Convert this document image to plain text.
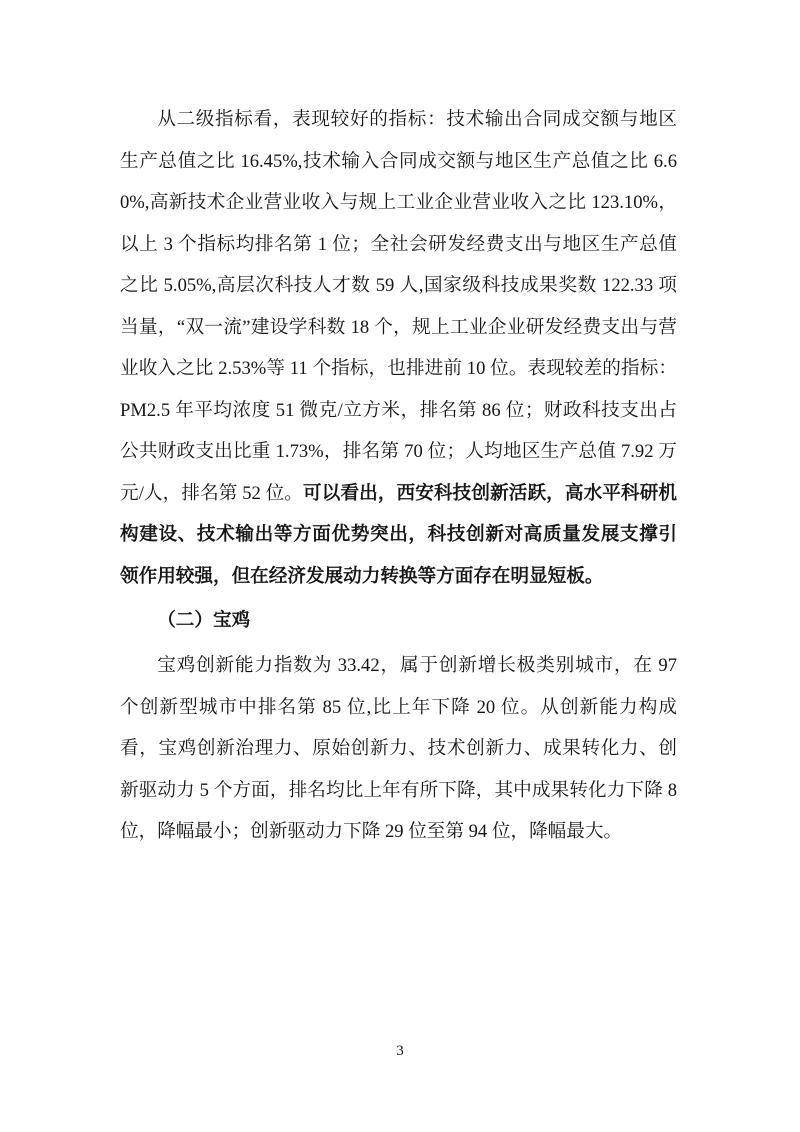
从二级指标看，表现较好的指标：技术输出合同成交额与地区生产总值之比 16.45%,技术输入合同成交额与地区生产总值之比 6.60%,高新技术企业营业收入与规上工业企业营业收入之比 123.10%，以上 3 个指标均排名第 1 位；全社会研发经费支出与地区生产总值之比 5.05%,高层次科技人才数 59 人,国家级科技成果奖数 122.33 项当量，“双一流”建设学科数 18 个，规上工业企业研发经费支出与营业收入之比 2.53%等 11 个指标，也排进前 10 位。表现较差的指标：PM2.5 年平均浓度 51 微克/立方米，排名第 86 位；财政科技支出占公共财政支出比重 1.73%，排名第 70 位；人均地区生产总值 7.92 万元/人，排名第 52 位。可以看出，西安科技创新活跃，高水平科研机构建设、技术输出等方面优势突出，科技创新对高质量发展支撑引领作用较强，但在经济发展动力转换等方面存在明显短板。

（二）宝鸡

宝鸡创新能力指数为 33.42，属于创新增长极类别城市，在 97 个创新型城市中排名第 85 位,比上年下降 20 位。从创新能力构成看，宝鸡创新治理力、原始创新力、技术创新力、成果转化力、创新驱动力 5 个方面，排名均比上年有所下降，其中成果转化力下降 8 位，降幅最小；创新驱动力下降 29 位至第 94 位，降幅最大。

3
